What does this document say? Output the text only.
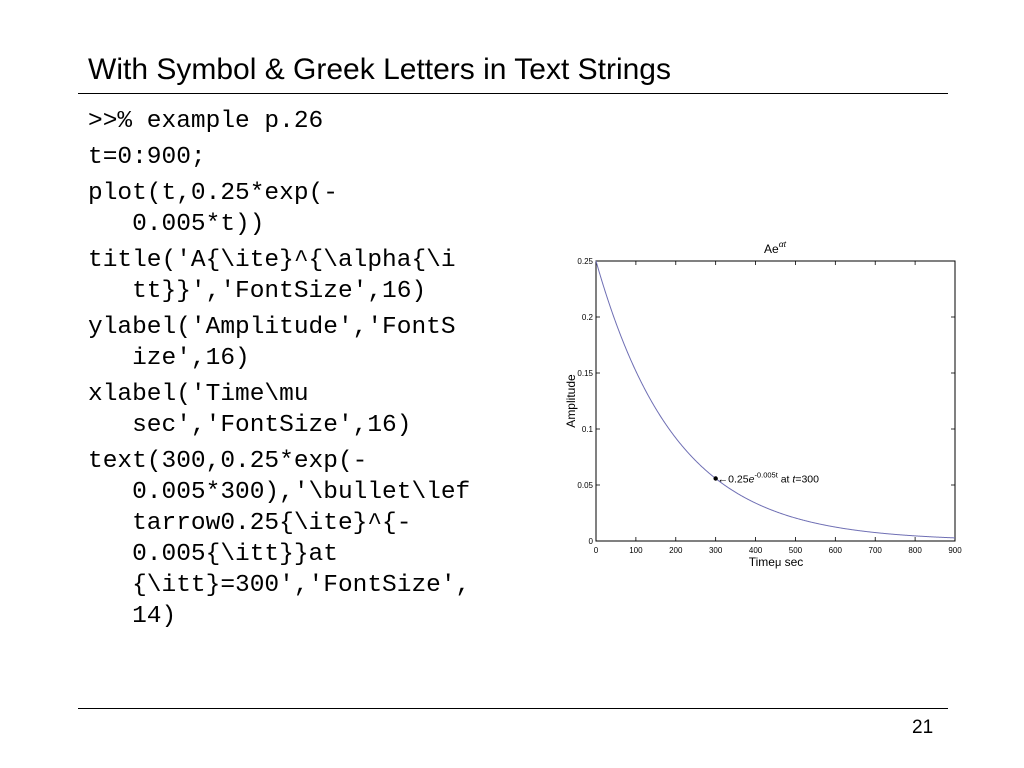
With Symbol & Greek Letters in Text Strings
>>% example p.26
t=0:900;
plot(t,0.25*exp(-
0.005*t))
title('A{\ite}^{\alpha{\i
tt}}','FontSize',16)
ylabel('Amplitude','FontS
ize',16)
xlabel('Time\mu
sec','FontSize',16)
text(300,0.25*exp(-
0.005*300),'\bullet\lef
tarrow0.25{\ite}^{-
0.005{\itt}}at
{\itt}=300','FontSize',
14)
0
0.05
0.1
0.15
0.2
0.25
0	100	200	300	400	500	600	700	800	900
$\leftarrow 0.25e^{-0.005t}$ at t=300
$Ae^{\alpha t}$
Timeμ sec
Amplitude
21
